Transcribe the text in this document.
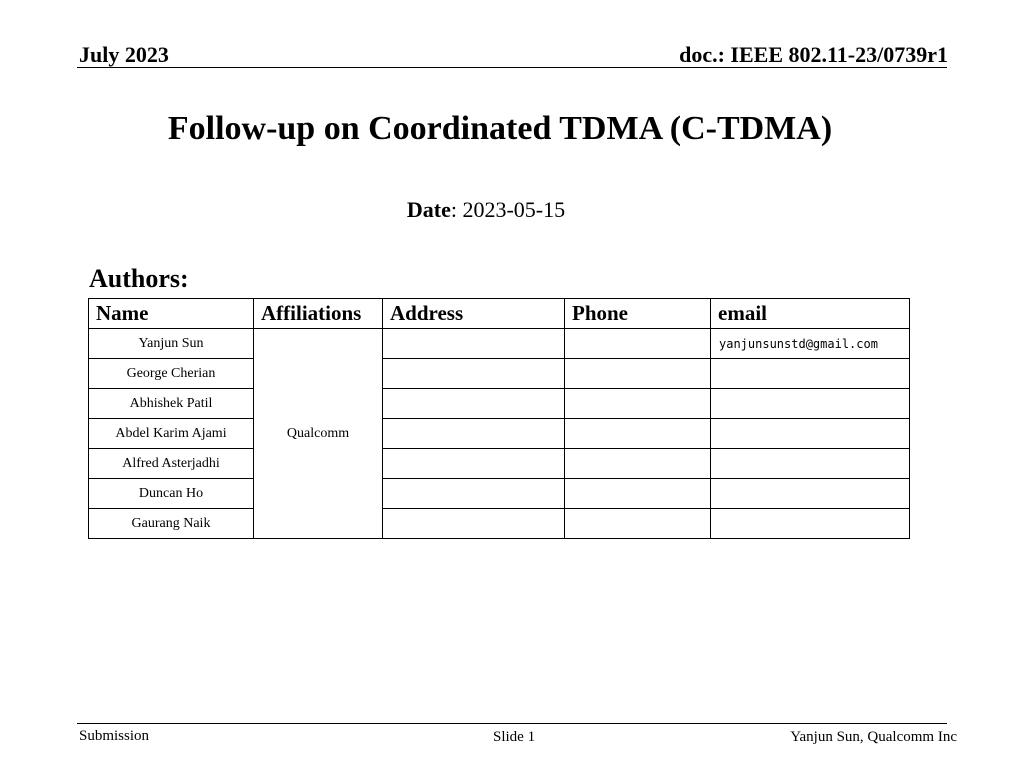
July 2023	doc.: IEEE 802.11-23/0739r1
Follow-up on Coordinated TDMA (C-TDMA)
Date: 2023-05-15
Authors:
Name	Affiliations	Address	Phone	email
Yanjun Sun	Qualcomm			yanjunsunstd@gmail.com
George Cherian				
Abhishek Patil				
Abdel Karim Ajami				
Alfred Asterjadhi				
Duncan Ho				
Gaurang Naik				
Submission	Slide 1	Yanjun Sun, Qualcomm Inc
